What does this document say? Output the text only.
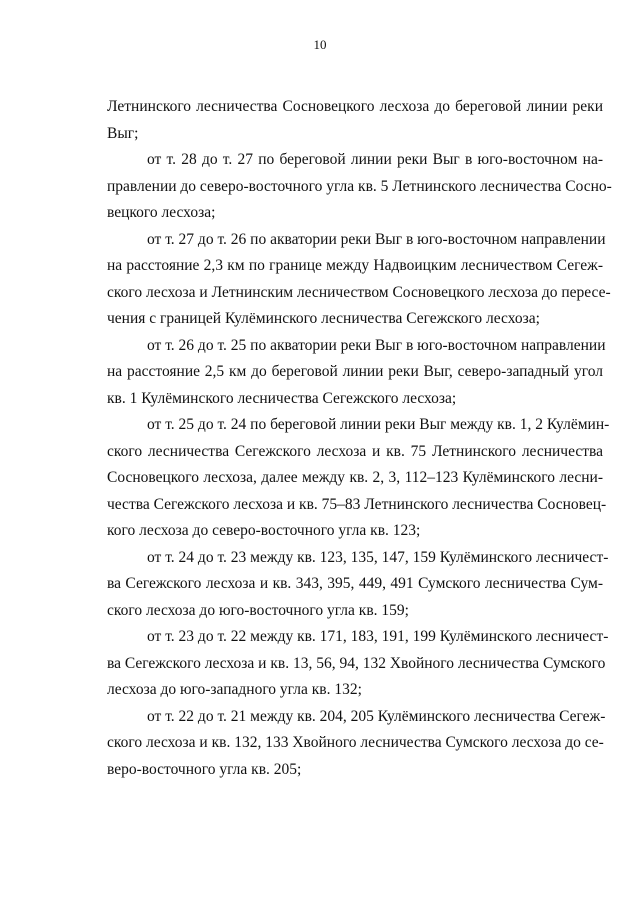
10
Летнинского лесничества Сосновецкого лесхоза до береговой линии реки
Выг;
от т. 28 до т. 27 по береговой линии реки Выг в юго-восточном на-
правлении до северо-восточного угла кв. 5 Летнинского лесничества Сосно-
вецкого лесхоза;
от т. 27 до т. 26 по акватории реки Выг в юго-восточном направлении
на расстояние 2,3 км по границе между Надвоицким лесничеством Сегеж-
ского лесхоза и Летнинским лесничеством Сосновецкого лесхоза до пересе-
чения с границей Кулёминского лесничества Сегежского лесхоза;
от т. 26 до т. 25 по акватории реки Выг в юго-восточном направлении
на расстояние 2,5 км до береговой линии реки Выг, северо-западный угол
кв. 1 Кулёминского лесничества Сегежского лесхоза;
от т. 25 до т. 24 по береговой линии реки Выг между кв. 1, 2 Кулёмин-
ского лесничества Сегежского лесхоза и кв. 75 Летнинского лесничества
Сосновецкого лесхоза, далее между кв. 2, 3, 112–123 Кулёминского лесни-
чества Сегежского лесхоза и кв. 75–83 Летнинского лесничества Сосновец-
кого лесхоза до северо-восточного угла кв. 123;
от т. 24 до т. 23 между кв. 123, 135, 147, 159 Кулёминского лесничест-
ва Сегежского лесхоза и кв. 343, 395, 449, 491 Сумского лесничества Сум-
ского лесхоза до юго-восточного угла кв. 159;
от т. 23 до т. 22 между кв. 171, 183, 191, 199 Кулёминского лесничест-
ва Сегежского лесхоза и кв. 13, 56, 94, 132 Хвойного лесничества Сумского
лесхоза до юго-западного угла кв. 132;
от т. 22 до т. 21 между кв. 204, 205 Кулёминского лесничества Сегеж-
ского лесхоза и кв. 132, 133 Хвойного лесничества Сумского лесхоза до се-
веро-восточного угла кв. 205;
